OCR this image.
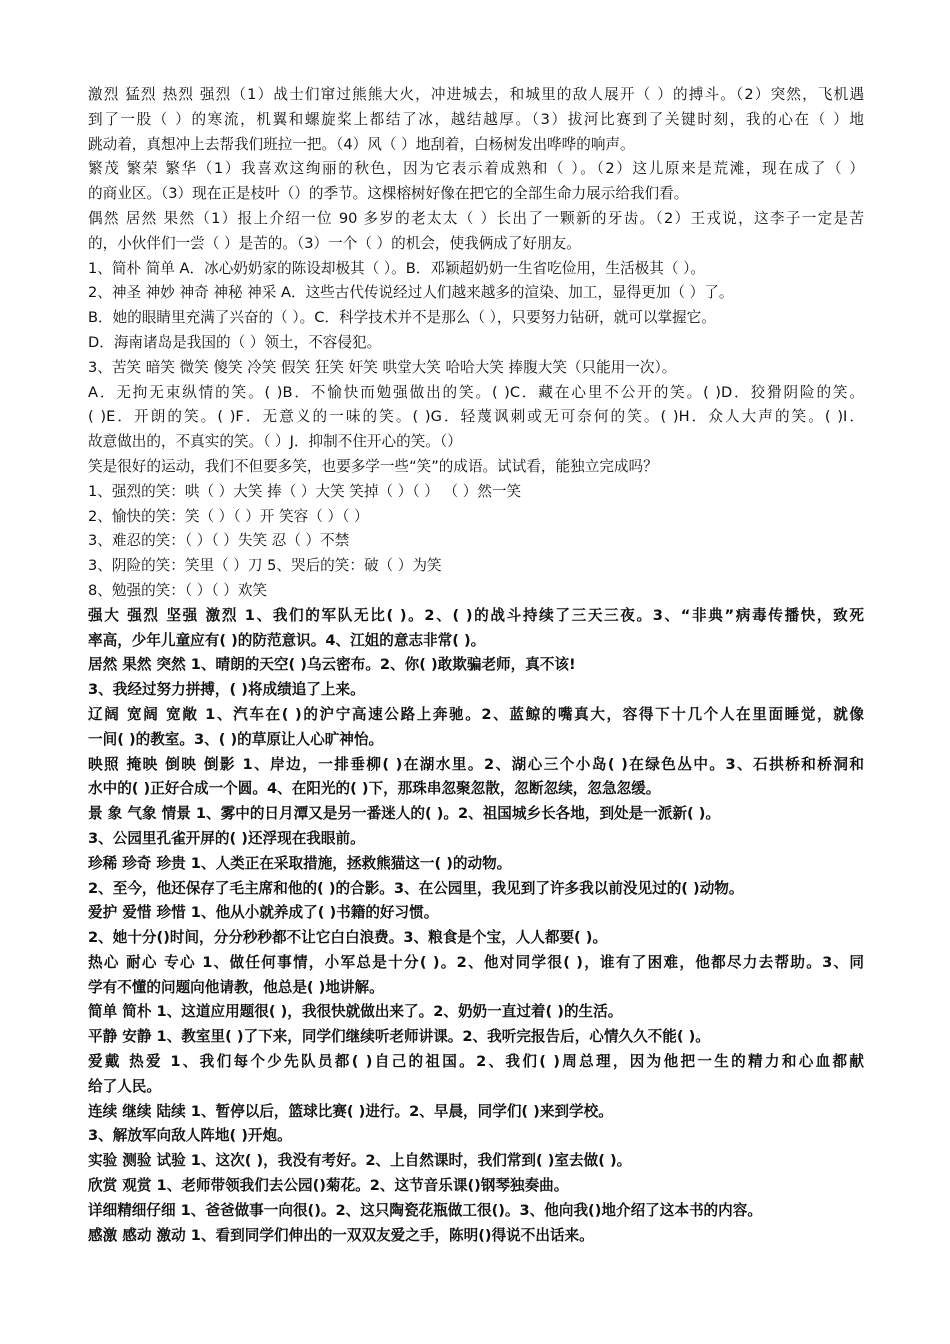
激烈 猛烈 热烈 强烈（1）战士们窜过熊熊大火，冲进城去，和城里的敌人展开（ ）的搏斗。（2）突然，飞机遇
到了一股（ ）的寒流，机翼和螺旋桨上都结了冰，越结越厚。（3）拔河比赛到了关键时刻，我的心在（ ）地
跳动着，真想冲上去帮我们班拉一把。（4）风（ ）地刮着，白杨树发出哗哗的响声。
繁茂 繁荣 繁华（1）我喜欢这绚丽的秋色，因为它表示着成熟和（ ）。（2）这儿原来是荒滩，现在成了（ ）
的商业区。（3）现在正是枝叶（）的季节。这棵榕树好像在把它的全部生命力展示给我们看。
偶然 居然 果然（1）报上介绍一位 90 多岁的老太太（ ）长出了一颗新的牙齿。（2）王戎说，这李子一定是苦
的，小伙伴们一尝（ ）是苦的。（3）一个（ ）的机会，使我俩成了好朋友。
1、简朴 简单 A．冰心奶奶家的陈设却极其（ ）。B．邓颖超奶奶一生省吃俭用，生活极其（ ）。
2、神圣 神妙 神奇 神秘 神采 A．这些古代传说经过人们越来越多的渲染、加工，显得更加（ ）了。
B．她的眼睛里充满了兴奋的（ ）。C．科学技术并不是那么（ ），只要努力钻研，就可以掌握它。
D．海南诸岛是我国的（ ）领土，不容侵犯。
3、苦笑 暗笑 微笑 傻笑 冷笑 假笑 狂笑 奸笑 哄堂大笑 哈哈大笑 捧腹大笑（只能用一次）。
A．无拘无束纵情的笑。( )B．不愉快而勉强做出的笑。( )C．藏在心里不公开的笑。( )D．狡猾阴险的笑。
( )E．开朗的笑。( )F．无意义的一味的笑。( )G．轻蔑讽刺或无可奈何的笑。( )H．众人大声的笑。( )I．
故意做出的，不真实的笑。（ ）J．抑制不住开心的笑。（）
笑是很好的运动，我们不但要多笑，也要多学一些“笑”的成语。试试看，能独立完成吗？
1、强烈的笑：哄（ ）大笑 捧（ ）大笑 笑掉（ ）（ ） （ ）然一笑
2、愉快的笑：笑（ ）（ ）开 笑容（ ）（ ）
3、难忍的笑：（ ）（ ）失笑 忍（ ）不禁
3、阴险的笑：笑里（ ）刀 5、哭后的笑：破（ ）为笑
8、勉强的笑：（ ）（ ）欢笑
强大 强烈 坚强 激烈 1、我们的军队无比( )。2、( )的战斗持续了三天三夜。3、“非典”病毒传播快，致死
率高，少年儿童应有( )的防范意识。4、江姐的意志非常( )。
居然 果然 突然 1、晴朗的天空( )乌云密布。2、你( )敢欺骗老师，真不该!
3、我经过努力拼搏，( )将成绩追了上来。
辽阔 宽阔 宽敞 1、汽车在( )的沪宁高速公路上奔驰。2、蓝鲸的嘴真大，容得下十几个人在里面睡觉，就像
一间( )的教室。3、( )的草原让人心旷神怡。
映照 掩映 倒映 倒影 1、岸边，一排垂柳( )在湖水里。2、湖心三个小岛( )在绿色丛中。3、石拱桥和桥洞和
水中的( )正好合成一个圆。4、在阳光的( )下，那珠串忽聚忽散，忽断忽续，忽急忽缓。
景 象 气象 情景 1、雾中的日月潭又是另一番迷人的( )。2、祖国城乡长各地，到处是一派新( )。
3、公园里孔雀开屏的( )还浮现在我眼前。
珍稀 珍奇 珍贵 1、人类正在采取措施，拯救熊猫这一( )的动物。
2、至今，他还保存了毛主席和他的( )的合影。3、在公园里，我见到了许多我以前没见过的( )动物。
爱护 爱惜 珍惜 1、他从小就养成了( )书籍的好习惯。
2、她十分()时间，分分秒秒都不让它白白浪费。3、粮食是个宝，人人都要( )。
热心 耐心 专心 1、做任何事情，小军总是十分( )。2、他对同学很( )，谁有了困难，他都尽力去帮助。3、同
学有不懂的问题向他请教，他总是( )地讲解。
简单 简朴 1、这道应用题很( )，我很快就做出来了。2、奶奶一直过着( )的生活。
平静 安静 1、教室里( )了下来，同学们继续听老师讲课。2、我听完报告后，心情久久不能( )。
爱戴 热爱 1、我们每个少先队员都( )自己的祖国。2、我们( )周总理，因为他把一生的精力和心血都献
给了人民。
连续 继续 陆续 1、暂停以后，篮球比赛( )进行。2、早晨，同学们( )来到学校。
3、解放军向敌人阵地( )开炮。
实验 测验 试验 1、这次( )，我没有考好。2、上自然课时，我们常到( )室去做( )。
欣赏 观赏 1、老师带领我们去公园()菊花。2、这节音乐课()钢琴独奏曲。
详细精细仔细 1、爸爸做事一向很()。2、这只陶瓷花瓶做工很()。3、他向我()地介绍了这本书的内容。
感激 感动 激动 1、看到同学们伸出的一双双友爱之手，陈明()得说不出话来。
